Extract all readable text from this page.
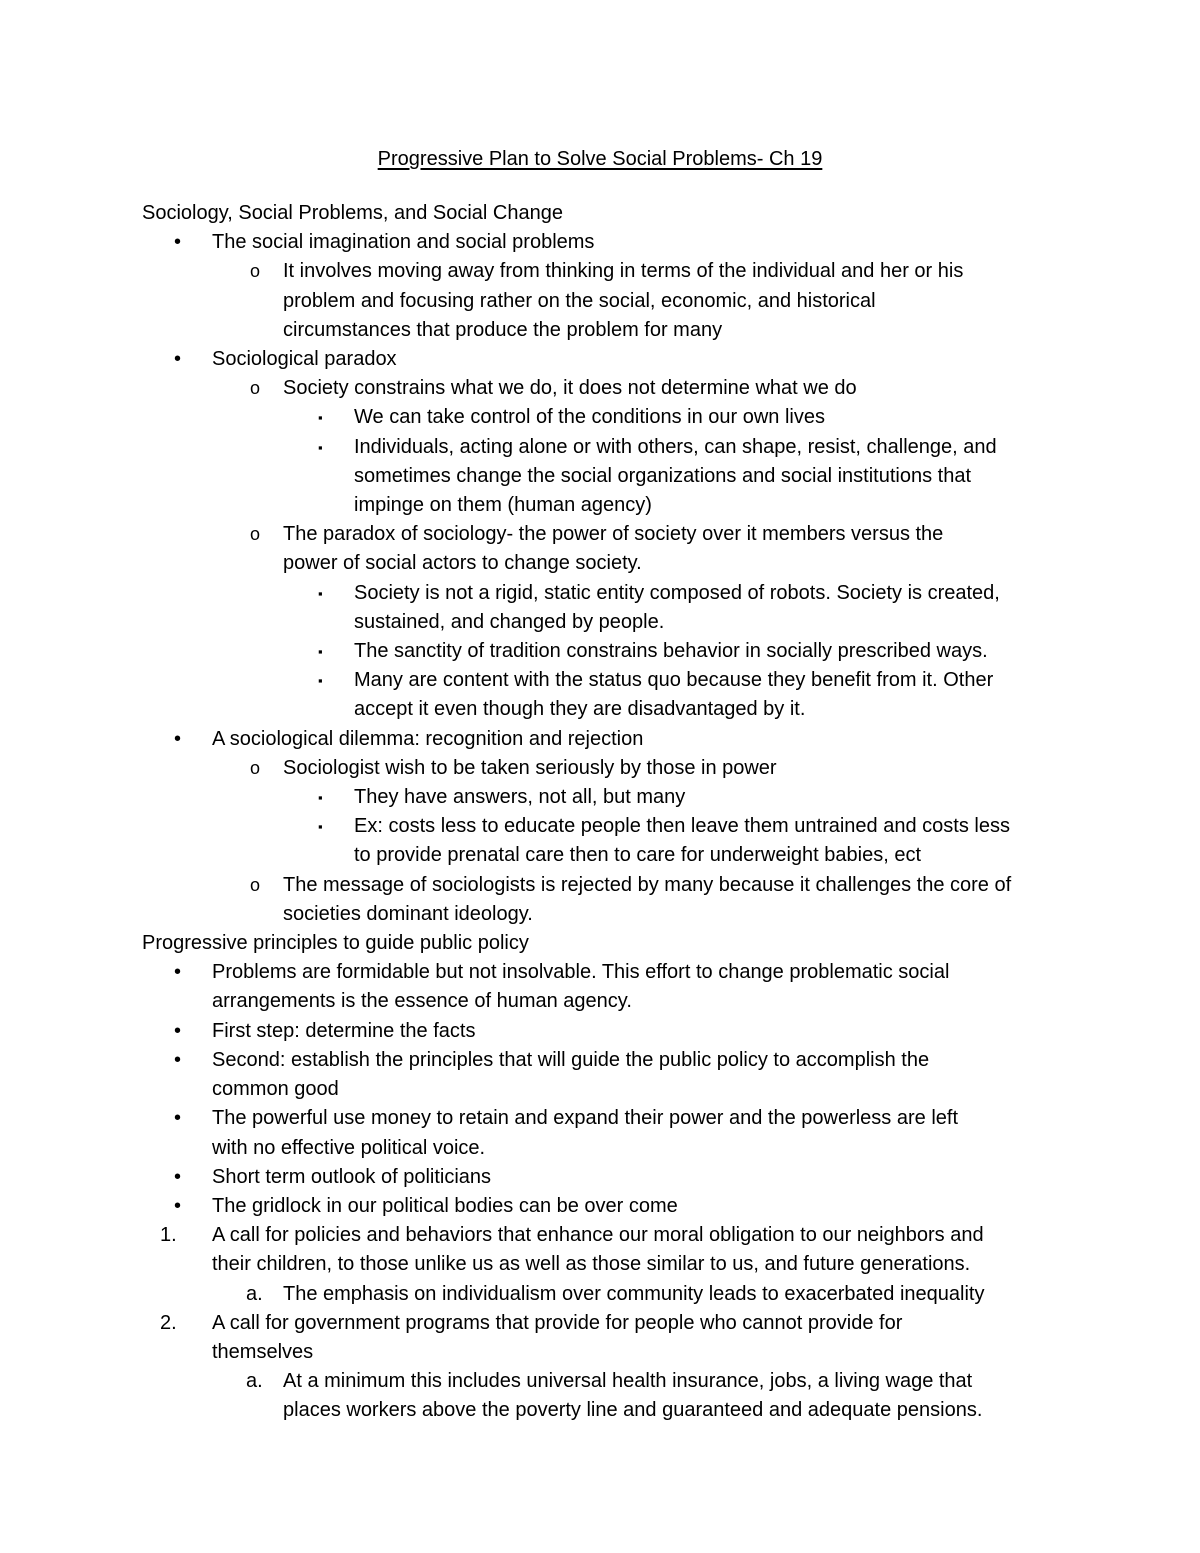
Progressive Plan to Solve Social Problems- Ch 19
Sociology, Social Problems, and Social Change
• The social imagination and social problems
o It involves moving away from thinking in terms of the individual and her or his
problem and focusing rather on the social, economic, and historical
circumstances that produce the problem for many
• Sociological paradox
o Society constrains what we do, it does not determine what we do
▪ We can take control of the conditions in our own lives
▪ Individuals, acting alone or with others, can shape, resist, challenge, and
sometimes change the social organizations and social institutions that
impinge on them (human agency)
o The paradox of sociology- the power of society over it members versus the
power of social actors to change society.
▪ Society is not a rigid, static entity composed of robots. Society is created,
sustained, and changed by people.
▪ The sanctity of tradition constrains behavior in socially prescribed ways.
▪ Many are content with the status quo because they benefit from it. Other
accept it even though they are disadvantaged by it.
• A sociological dilemma: recognition and rejection
o Sociologist wish to be taken seriously by those in power
▪ They have answers, not all, but many
▪ Ex: costs less to educate people then leave them untrained and costs less
to provide prenatal care then to care for underweight babies, ect
o The message of sociologists is rejected by many because it challenges the core of
societies dominant ideology.
Progressive principles to guide public policy
• Problems are formidable but not insolvable. This effort to change problematic social
arrangements is the essence of human agency.
• First step: determine the facts
• Second: establish the principles that will guide the public policy to accomplish the
common good
• The powerful use money to retain and expand their power and the powerless are left
with no effective political voice.
• Short term outlook of politicians
• The gridlock in our political bodies can be over come
1. A call for policies and behaviors that enhance our moral obligation to our neighbors and
their children, to those unlike us as well as those similar to us, and future generations.
a. The emphasis on individualism over community leads to exacerbated inequality
2. A call for government programs that provide for people who cannot provide for
themselves
a. At a minimum this includes universal health insurance, jobs, a living wage that
places workers above the poverty line and guaranteed and adequate pensions.
